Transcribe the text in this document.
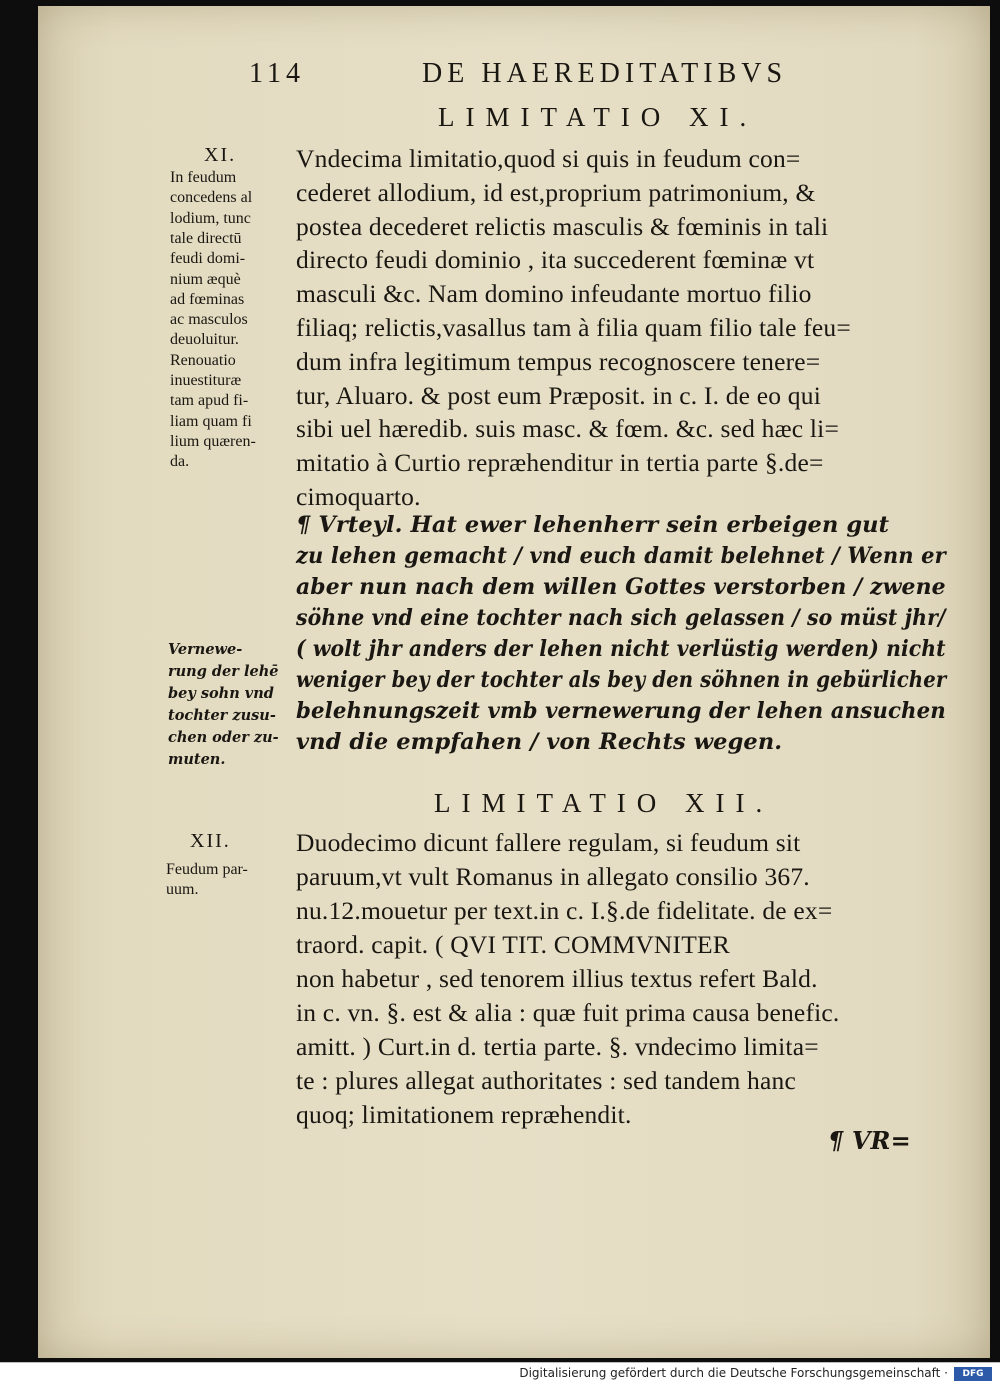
114	DE HAEREDITATIBVS
LIMITATIO XI.
XI.
In feudum
concedens al
lodium, tunc
tale directū
feudi domi-
nium æquè
ad fœminas
ac masculos
deuoluitur.
Renouatio
inuestituræ
tam apud fi-
liam quam fi
lium quæren-
da.
Vernewe-
rung der lehē
bey sohn vnd
tochter zusu-
chen oder zu-
muten.
Vndecima limitatio,quod si quis in feudum con=
cederet allodium, id est,proprium patrimonium, &
postea decederet relictis masculis & fœminis in tali
directo feudi dominio , ita succederent fœminæ vt
masculi &c. Nam domino infeudante mortuo filio
filiaq; relictis,vasallus tam à filia quam filio tale feu=
dum infra legitimum tempus recognoscere tenere=
tur, Aluaro. & post eum Præposit. in c. I. de eo qui
sibi uel hæredib. suis masc. & fœm. &c. sed hæc li=
mitatio à Curtio repræhenditur in tertia parte §.de=
cimoquarto.
¶ Vrteyl. Hat ewer lehenherr sein erbeigen gut
zu lehen gemacht / vnd euch damit belehnet / Wenn er
aber nun nach dem willen Gottes verstorben / zwene
söhne vnd eine tochter nach sich gelassen / so müst jhr/
( wolt jhr anders der lehen nicht verlüstig werden) nicht
weniger bey der tochter als bey den söhnen in gebürlicher
belehnungszeit vmb vernewerung der lehen ansuchen
vnd die empfahen / von Rechts wegen.
LIMITATIO XII.
XII.
Feudum par-
uum.
Duodecimo dicunt fallere regulam, si feudum sit
paruum,vt vult Romanus in allegato consilio 367.
nu.12.mouetur per text.in c. I.§.de fidelitate. de ex=
traord. capit. ( QVI TIT. COMMVNITER
non habetur , sed tenorem illius textus refert Bald.
in c. vn. §. est & alia : quæ fuit prima causa benefic.
amitt. ) Curt.in d. tertia parte. §. vndecimo limita=
te : plures allegat authoritates : sed tandem hanc
quoq; limitationem repræhendit.
¶ VR=
Digitalisierung gefördert durch die Deutsche Forschungsgemeinschaft ·	DFG
